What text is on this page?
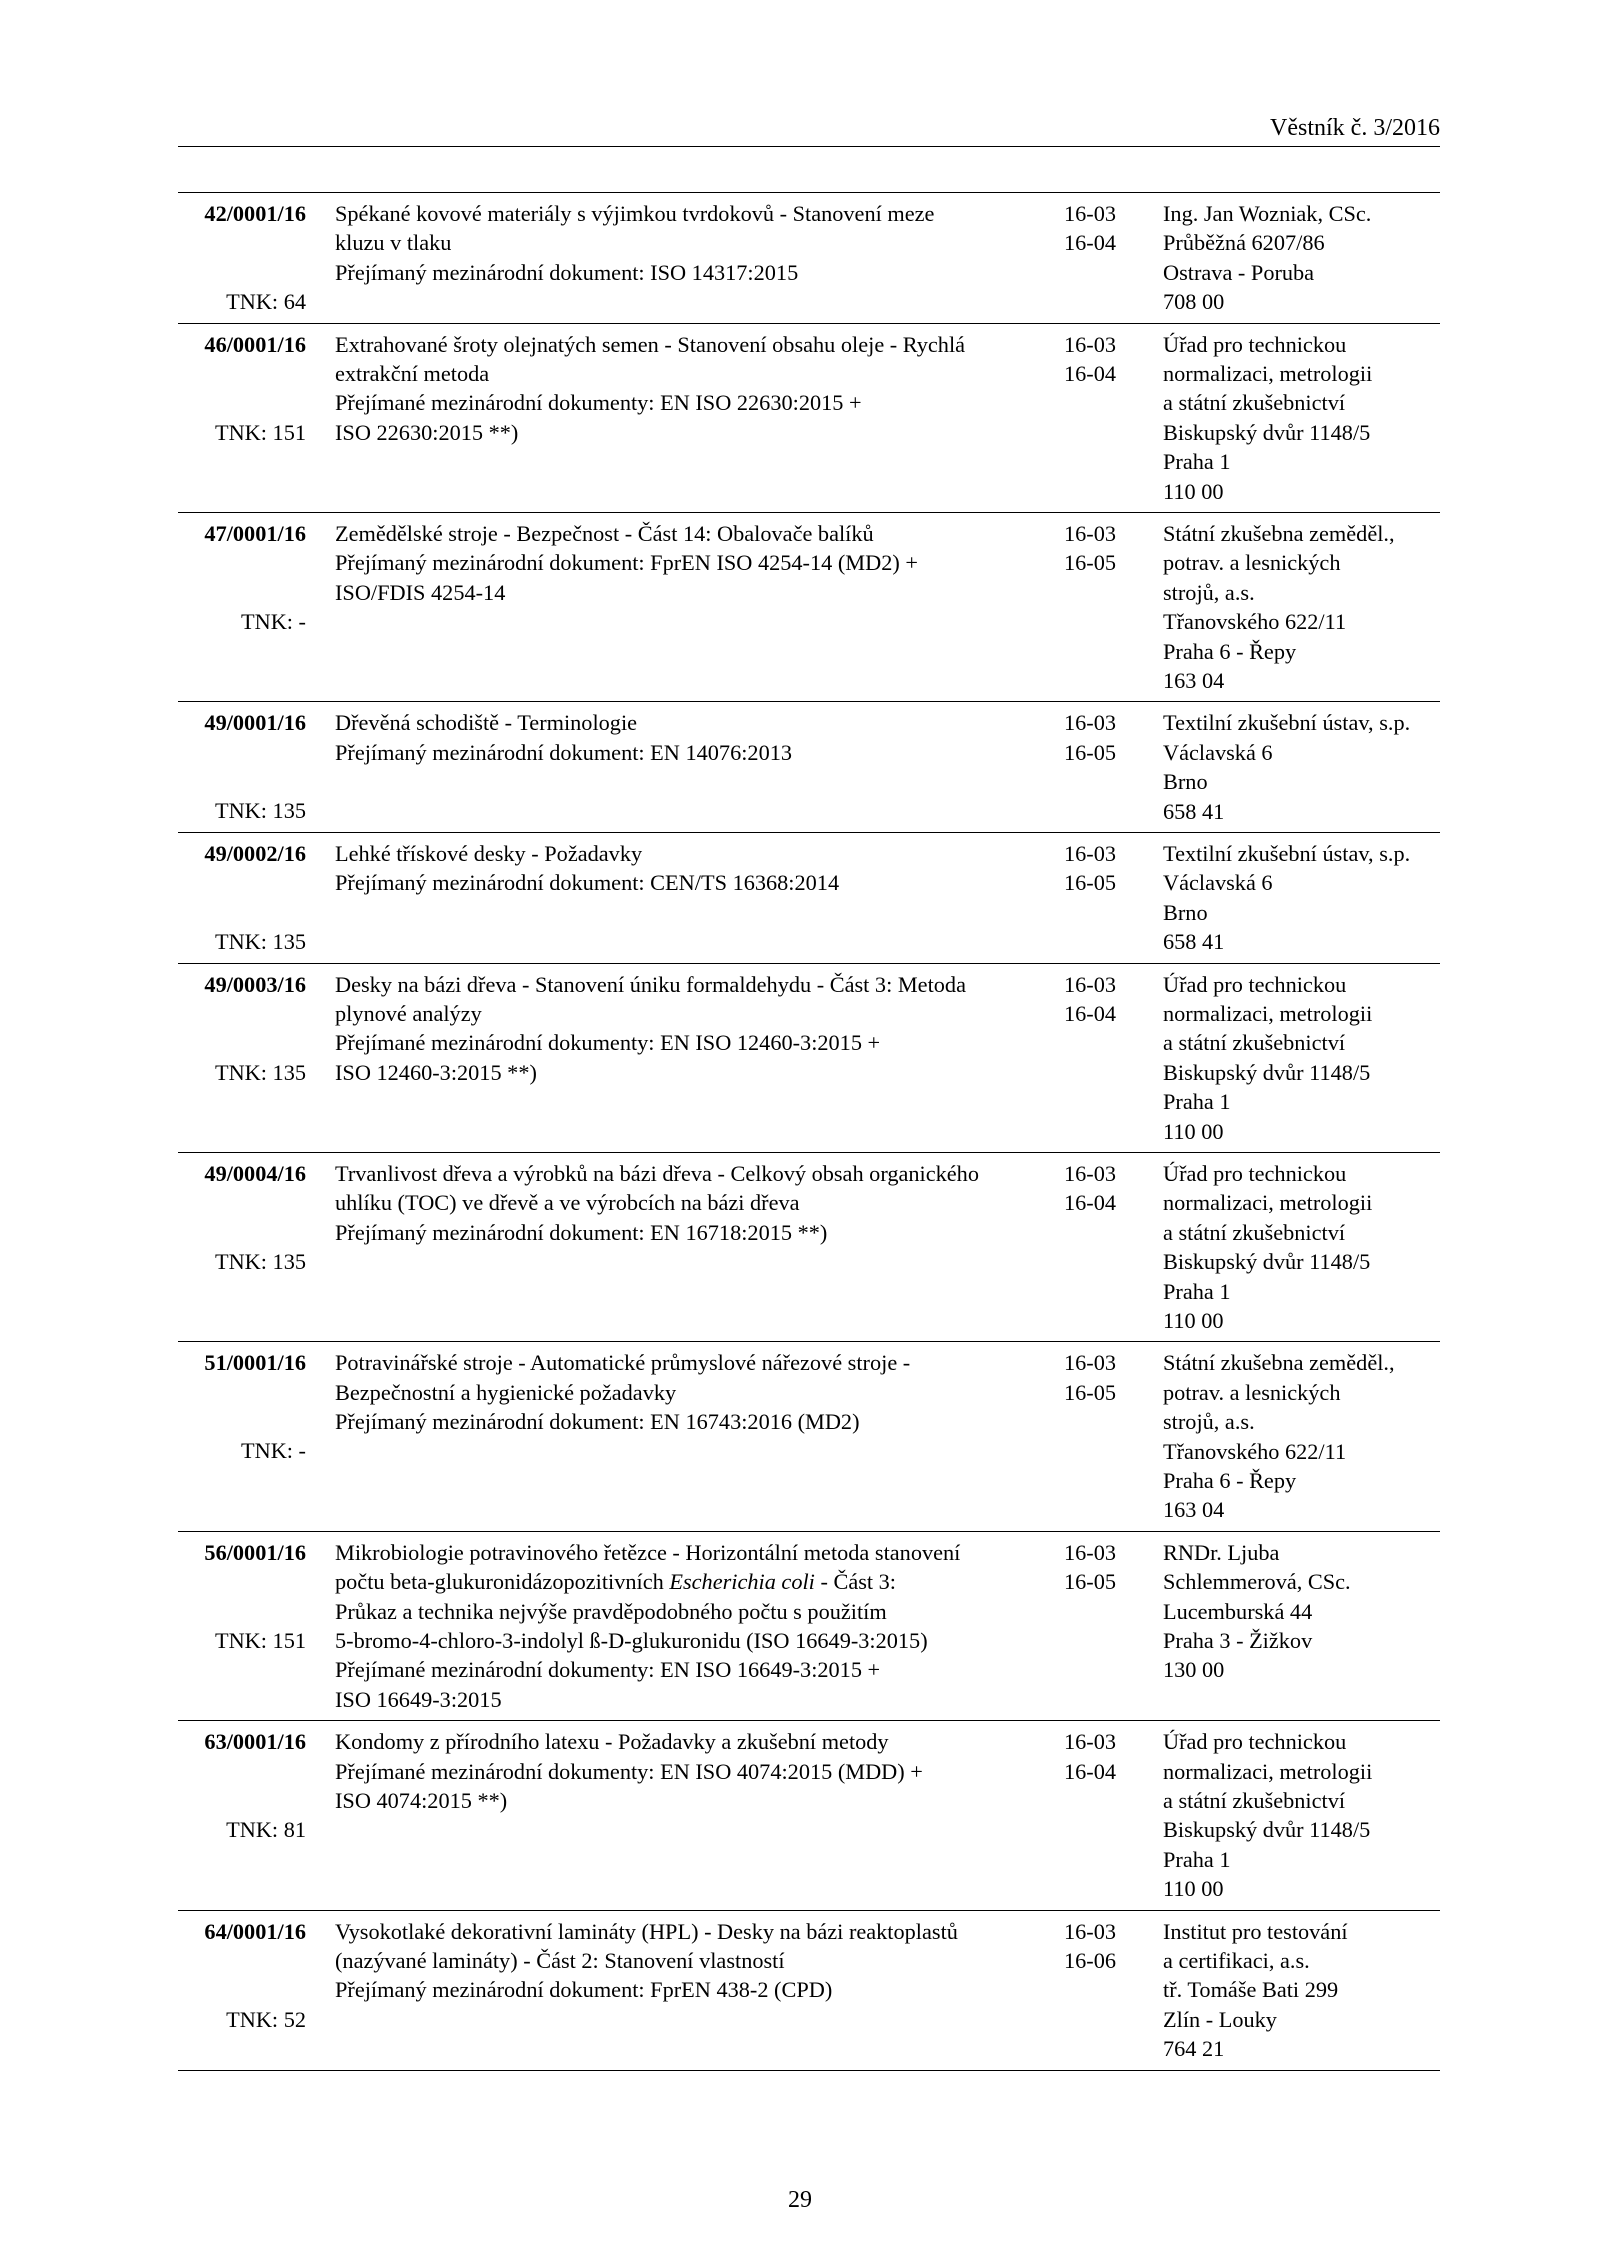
Věstník č. 3/2016
42/0001/16
TNK: 64
Spékané kovové materiály s výjimkou tvrdokovů - Stanovení meze
kluzu v tlaku
Přejímaný mezinárodní dokument: ISO 14317:2015
16-03
16-04
Ing. Jan Wozniak, CSc.
Průběžná 6207/86
Ostrava - Poruba
708 00
46/0001/16
TNK: 151
Extrahované šroty olejnatých semen - Stanovení obsahu oleje - Rychlá
extrakční metoda
Přejímané mezinárodní dokumenty: EN ISO 22630:2015 +
ISO 22630:2015 **)
16-03
16-04
Úřad pro technickou
normalizaci, metrologii
a státní zkušebnictví
Biskupský dvůr 1148/5
Praha 1
110 00
47/0001/16
TNK: -
Zemědělské stroje - Bezpečnost - Část 14: Obalovače balíků
Přejímaný mezinárodní dokument: FprEN ISO 4254-14 (MD2) +
ISO/FDIS 4254-14
16-03
16-05
Státní zkušebna zeměděl.,
potrav. a lesnických
strojů, a.s.
Třanovského 622/11
Praha 6 - Řepy
163 04
49/0001/16
TNK: 135
Dřevěná schodiště - Terminologie
Přejímaný mezinárodní dokument: EN 14076:2013
16-03
16-05
Textilní zkušební ústav, s.p.
Václavská 6
Brno
658 41
49/0002/16
TNK: 135
Lehké třískové desky - Požadavky
Přejímaný mezinárodní dokument: CEN/TS 16368:2014
16-03
16-05
Textilní zkušební ústav, s.p.
Václavská 6
Brno
658 41
49/0003/16
TNK: 135
Desky na bázi dřeva - Stanovení úniku formaldehydu - Část 3: Metoda
plynové analýzy
Přejímané mezinárodní dokumenty: EN ISO 12460-3:2015 +
ISO 12460-3:2015 **)
16-03
16-04
Úřad pro technickou
normalizaci, metrologii
a státní zkušebnictví
Biskupský dvůr 1148/5
Praha 1
110 00
49/0004/16
TNK: 135
Trvanlivost dřeva a výrobků na bázi dřeva - Celkový obsah organického
uhlíku (TOC) ve dřevě a ve výrobcích na bázi dřeva
Přejímaný mezinárodní dokument: EN 16718:2015 **)
16-03
16-04
Úřad pro technickou
normalizaci, metrologii
a státní zkušebnictví
Biskupský dvůr 1148/5
Praha 1
110 00
51/0001/16
TNK: -
Potravinářské stroje - Automatické průmyslové nářezové stroje -
Bezpečnostní a hygienické požadavky
Přejímaný mezinárodní dokument: EN 16743:2016 (MD2)
16-03
16-05
Státní zkušebna zeměděl.,
potrav. a lesnických
strojů, a.s.
Třanovského 622/11
Praha 6 - Řepy
163 04
56/0001/16
TNK: 151
Mikrobiologie potravinového řetězce - Horizontální metoda stanovení
počtu beta-glukuronidázopozitivních Escherichia coli - Část 3:
Průkaz a technika nejvýše pravděpodobného počtu s použitím
5-bromo-4-chloro-3-indolyl ß-D-glukuronidu (ISO 16649-3:2015)
Přejímané mezinárodní dokumenty: EN ISO 16649-3:2015 +
ISO 16649-3:2015
16-03
16-05
RNDr. Ljuba
Schlemmerová, CSc.
Lucemburská 44
Praha 3 - Žižkov
130 00
63/0001/16
TNK: 81
Kondomy z přírodního latexu - Požadavky a zkušební metody
Přejímané mezinárodní dokumenty: EN ISO 4074:2015 (MDD) +
ISO 4074:2015 **)
16-03
16-04
Úřad pro technickou
normalizaci, metrologii
a státní zkušebnictví
Biskupský dvůr 1148/5
Praha 1
110 00
64/0001/16
TNK: 52
Vysokotlaké dekorativní lamináty (HPL) - Desky na bázi reaktoplastů
(nazývané lamináty) - Část 2: Stanovení vlastností
Přejímaný mezinárodní dokument: FprEN 438-2 (CPD)
16-03
16-06
Institut pro testování
a certifikaci, a.s.
tř. Tomáše Bati 299
Zlín - Louky
764 21
29
